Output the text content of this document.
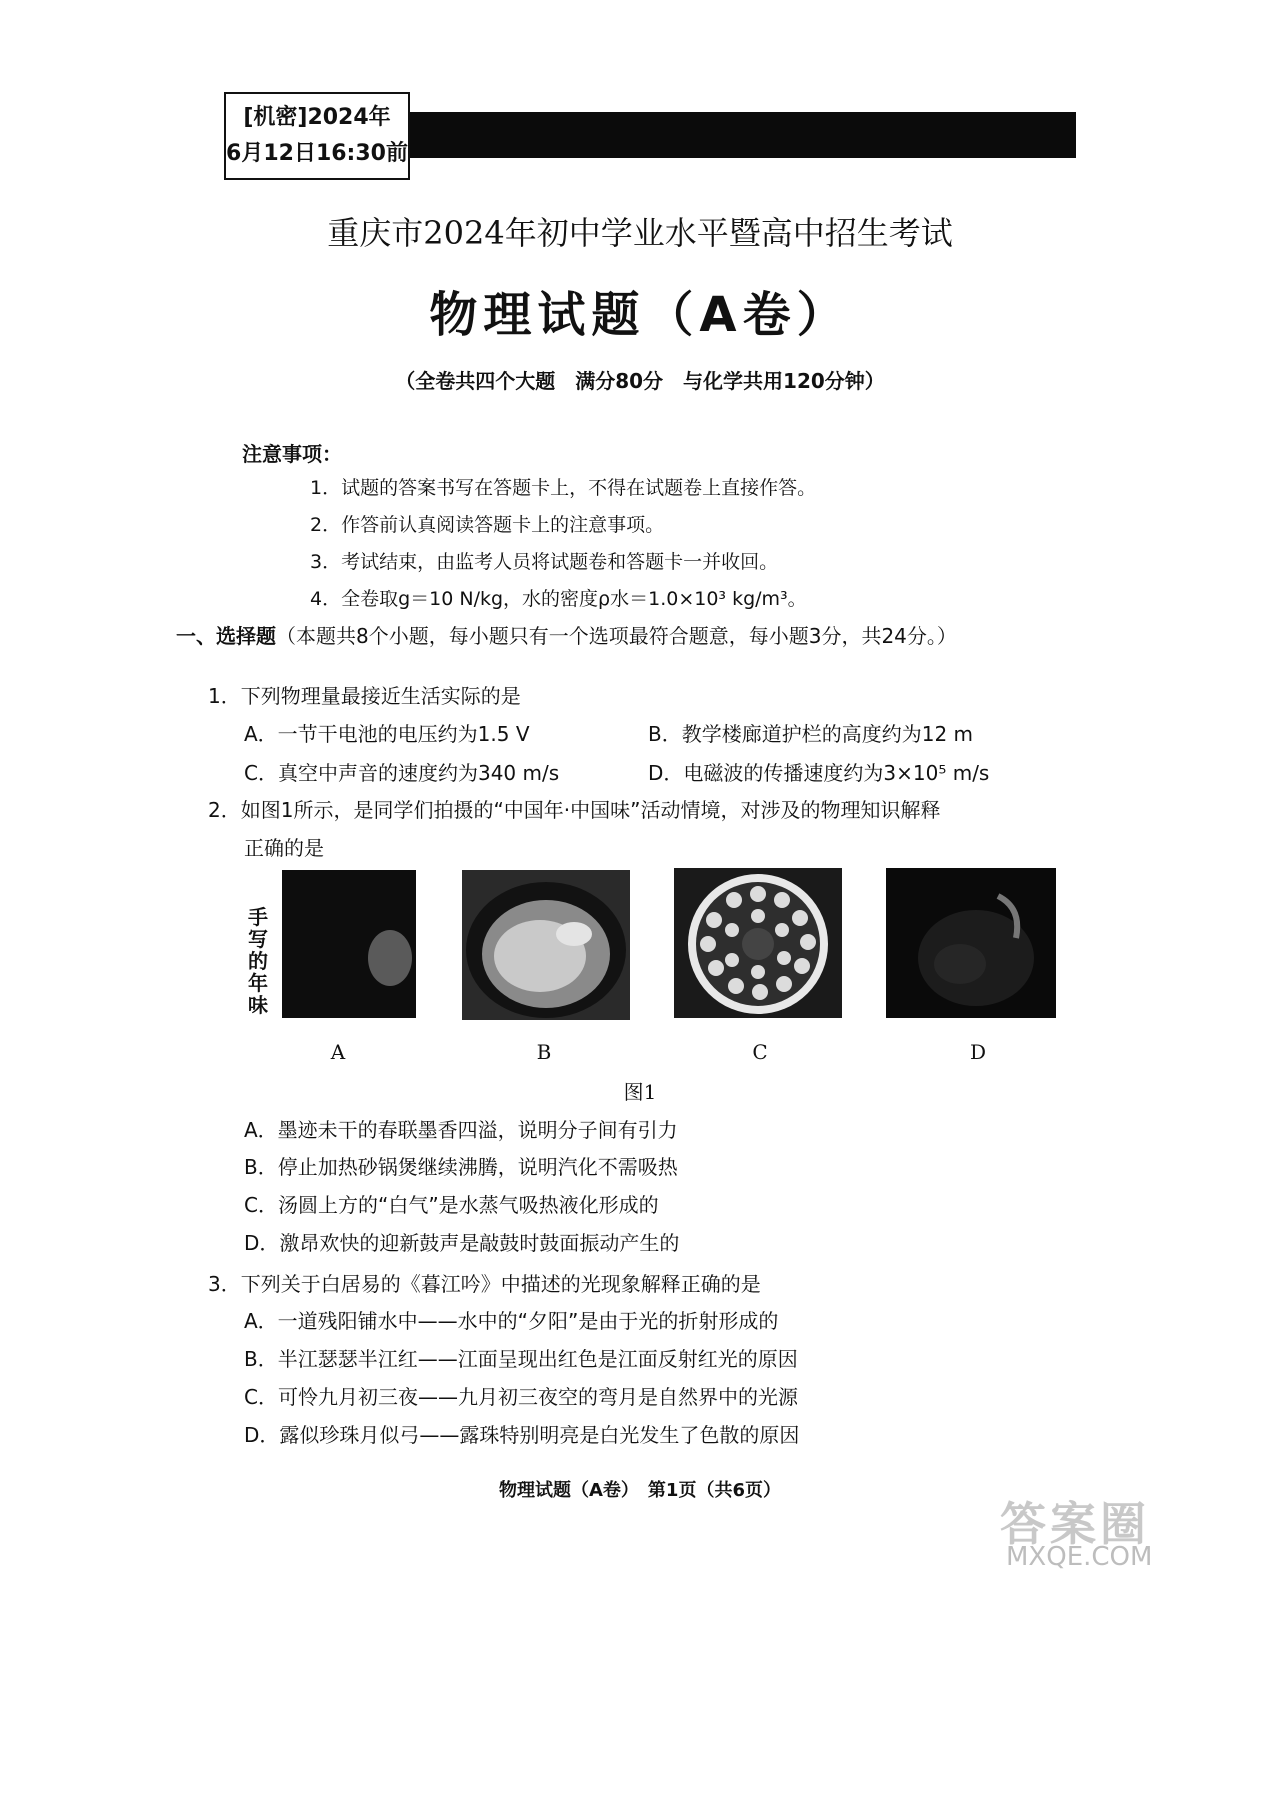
[机密]2024年
6月12日16:30前
重庆市2024年初中学业水平暨高中招生考试
物理试题（A卷）
（全卷共四个大题　满分80分　与化学共用120分钟）
注意事项：
1．试题的答案书写在答题卡上，不得在试题卷上直接作答。
2．作答前认真阅读答题卡上的注意事项。
3．考试结束，由监考人员将试题卷和答题卡一并收回。
4．全卷取g＝10 N/kg，水的密度ρ水＝1.0×10³ kg/m³。
一、选择题（本题共8个小题，每小题只有一个选项最符合题意，每小题3分，共24分。）
1．下列物理量最接近生活实际的是
A．一节干电池的电压约为1.5 V	B．教学楼廊道护栏的高度约为12 m
C．真空中声音的速度约为340 m/s	D．电磁波的传播速度约为3×10⁵ m/s
2．如图1所示，是同学们拍摄的“中国年·中国味”活动情境，对涉及的物理知识解释
正确的是
手写的年味
A	B	C	D
图1
A．墨迹未干的春联墨香四溢，说明分子间有引力
B．停止加热砂锅煲继续沸腾，说明汽化不需吸热
C．汤圆上方的“白气”是水蒸气吸热液化形成的
D．激昂欢快的迎新鼓声是敲鼓时鼓面振动产生的
3．下列关于白居易的《暮江吟》中描述的光现象解释正确的是
A．一道残阳铺水中——水中的“夕阳”是由于光的折射形成的
B．半江瑟瑟半江红——江面呈现出红色是江面反射红光的原因
C．可怜九月初三夜——九月初三夜空的弯月是自然界中的光源
D．露似珍珠月似弓——露珠特别明亮是白光发生了色散的原因
物理试题（A卷）　第1页（共6页）
答案圈
MXQE.COM
